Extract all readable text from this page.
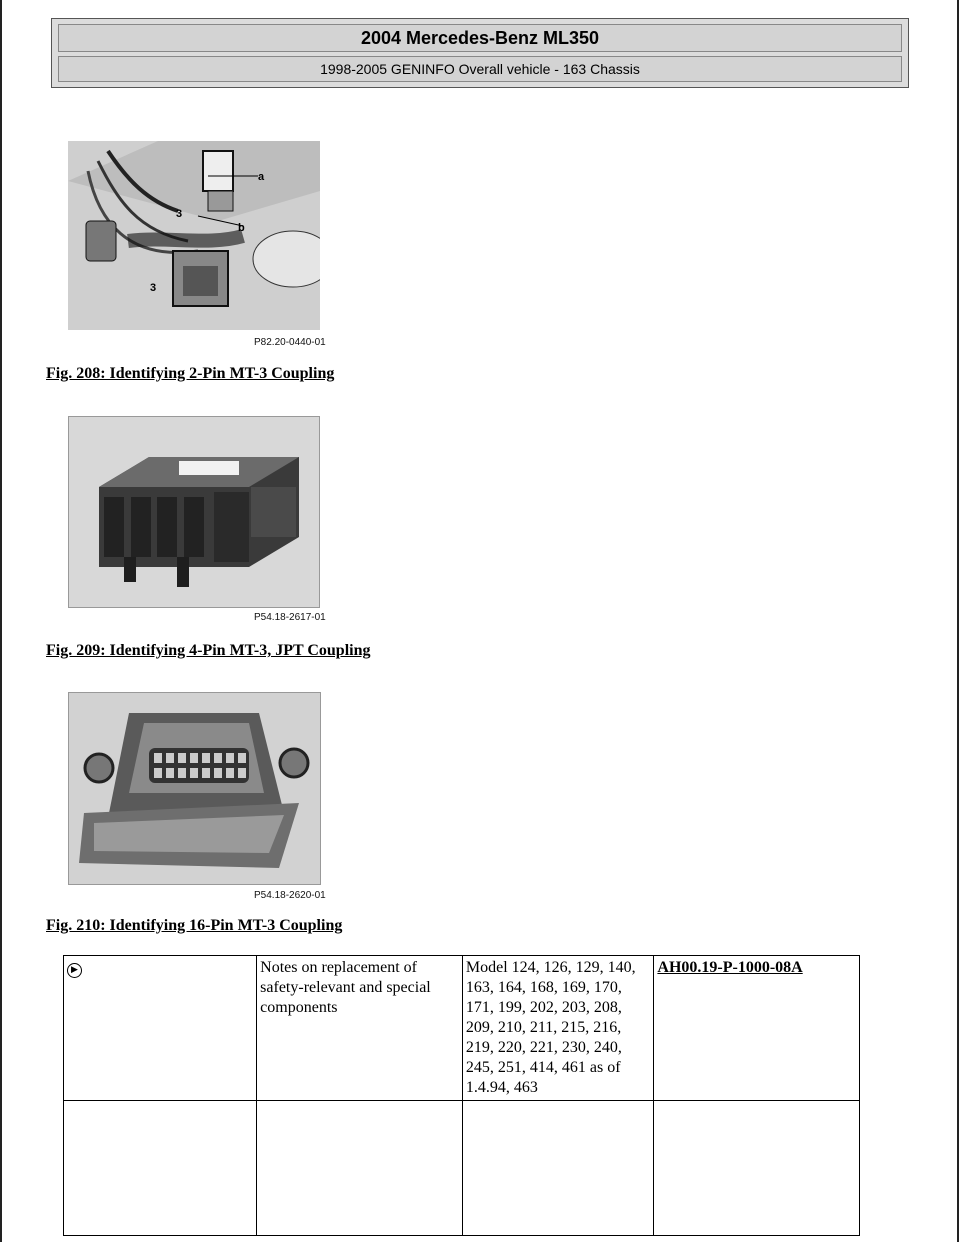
2004 Mercedes-Benz ML350
1998-2005 GENINFO Overall vehicle - 163 Chassis
a
3
b
3
P82.20-0440-01
Fig. 208: Identifying 2-Pin MT-3 Coupling
P54.18-2617-01
Fig. 209: Identifying 4-Pin MT-3, JPT Coupling
P54.18-2620-01
Fig. 210: Identifying 16-Pin MT-3 Coupling
▶	Notes on replacement of safety-relevant and special components	Model 124, 126, 129, 140, 163, 164, 168, 169, 170, 171, 199, 202, 203, 208, 209, 210, 211, 215, 216, 219, 220, 221, 230, 240, 245, 251, 414, 461 as of 1.4.94, 463	AH00.19-P-1000-08A
